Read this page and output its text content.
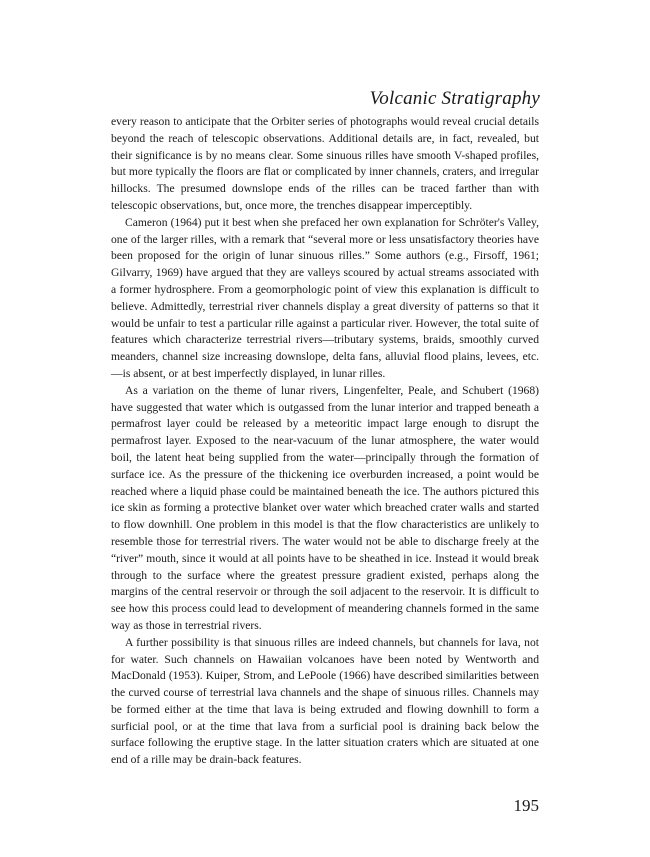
Volcanic Stratigraphy

every reason to anticipate that the Orbiter series of photographs would reveal crucial details beyond the reach of telescopic observations. Additional details are, in fact, revealed, but their significance is by no means clear. Some sinuous rilles have smooth V-shaped profiles, but more typically the floors are flat or complicated by inner channels, craters, and irregular hillocks. The presumed downslope ends of the rilles can be traced farther than with telescopic observations, but, once more, the trenches disappear imperceptibly.

Cameron (1964) put it best when she prefaced her own explanation for Schröter's Valley, one of the larger rilles, with a remark that “several more or less unsatisfactory theories have been proposed for the origin of lunar sinuous rilles.” Some authors (e.g., Firsoff, 1961; Gilvarry, 1969) have argued that they are valleys scoured by actual streams associated with a former hydrosphere. From a geomorphologic point of view this explanation is difficult to believe. Admittedly, terrestrial river channels display a great diversity of patterns so that it would be unfair to test a particular rille against a particular river. However, the total suite of features which characterize terrestrial rivers—tributary systems, braids, smoothly curved meanders, channel size increasing downslope, delta fans, alluvial flood plains, levees, etc.—is absent, or at best imperfectly displayed, in lunar rilles.

As a variation on the theme of lunar rivers, Lingenfelter, Peale, and Schubert (1968) have suggested that water which is outgassed from the lunar interior and trapped beneath a permafrost layer could be released by a meteoritic impact large enough to disrupt the permafrost layer. Exposed to the near-vacuum of the lunar atmosphere, the water would boil, the latent heat being supplied from the water—principally through the formation of surface ice. As the pressure of the thickening ice overburden increased, a point would be reached where a liquid phase could be maintained beneath the ice. The authors pictured this ice skin as forming a protective blanket over water which breached crater walls and started to flow downhill. One problem in this model is that the flow characteristics are unlikely to resemble those for terrestrial rivers. The water would not be able to discharge freely at the “river” mouth, since it would at all points have to be sheathed in ice. Instead it would break through to the surface where the greatest pressure gradient existed, perhaps along the margins of the central reservoir or through the soil adjacent to the reservoir. It is difficult to see how this process could lead to development of meandering channels formed in the same way as those in terrestrial rivers.

A further possibility is that sinuous rilles are indeed channels, but channels for lava, not for water. Such channels on Hawaiian volcanoes have been noted by Wentworth and MacDonald (1953). Kuiper, Strom, and LePoole (1966) have described similarities between the curved course of terrestrial lava channels and the shape of sinuous rilles. Channels may be formed either at the time that lava is being extruded and flowing downhill to form a surficial pool, or at the time that lava from a surficial pool is draining back below the surface following the eruptive stage. In the latter situation craters which are situated at one end of a rille may be drain-back features.

195
